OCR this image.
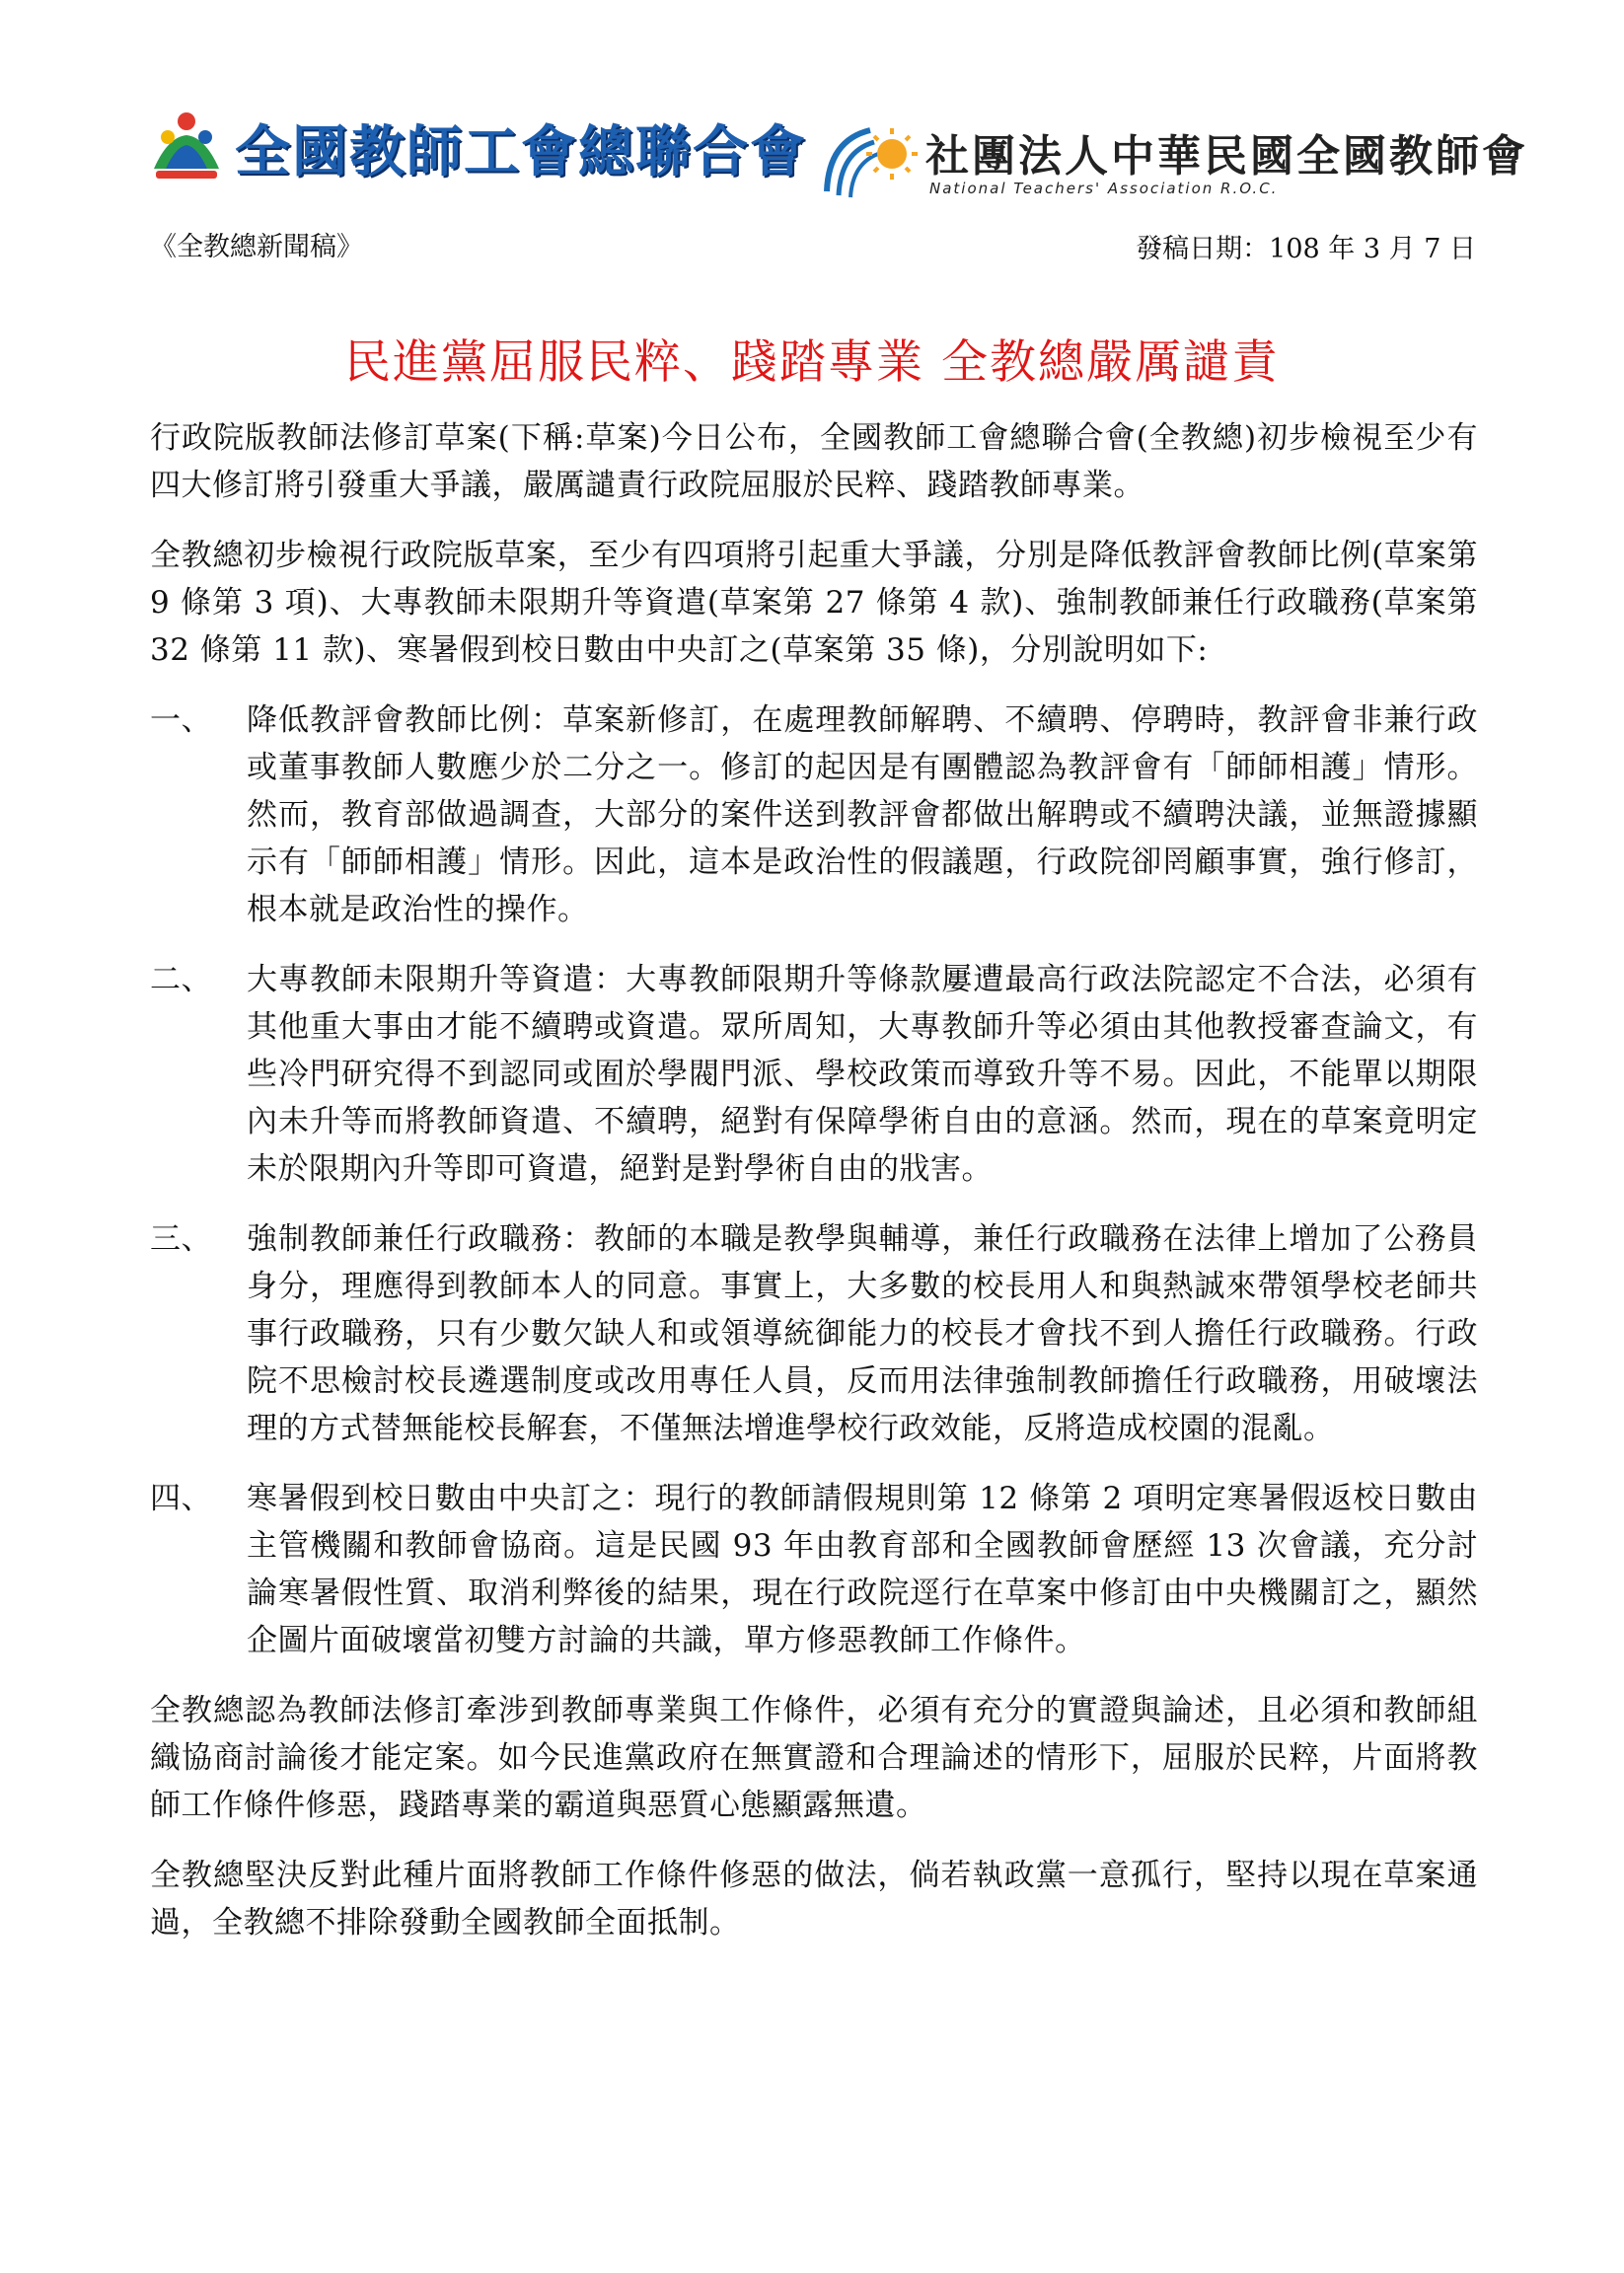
全國教師工會總聯合會	社團法人中華民國全國教師會
National Teachers' Association R.O.C.
《全教總新聞稿》	發稿日期：108 年 3 月 7 日
民進黨屈服民粹、踐踏專業 全教總嚴厲譴責

行政院版教師法修訂草案(下稱:草案)今日公布，全國教師工會總聯合會(全教總)初步檢視至少有四大修訂將引發重大爭議，嚴厲譴責行政院屈服於民粹、踐踏教師專業。

全教總初步檢視行政院版草案，至少有四項將引起重大爭議，分別是降低教評會教師比例(草案第 9 條第 3 項)、大專教師未限期升等資遣(草案第 27 條第 4 款)、強制教師兼任行政職務(草案第 32 條第 11 款)、寒暑假到校日數由中央訂之(草案第 35 條)，分別說明如下:

一、	降低教評會教師比例：草案新修訂，在處理教師解聘、不續聘、停聘時，教評會非兼行政或董事教師人數應少於二分之一。修訂的起因是有團體認為教評會有「師師相護」情形。然而，教育部做過調查，大部分的案件送到教評會都做出解聘或不續聘決議，並無證據顯示有「師師相護」情形。因此，這本是政治性的假議題，行政院卻罔顧事實，強行修訂，根本就是政治性的操作。
二、	大專教師未限期升等資遣：大專教師限期升等條款屢遭最高行政法院認定不合法，必須有其他重大事由才能不續聘或資遣。眾所周知，大專教師升等必須由其他教授審查論文，有些冷門研究得不到認同或囿於學閥門派、學校政策而導致升等不易。因此，不能單以期限內未升等而將教師資遣、不續聘，絕對有保障學術自由的意涵。然而，現在的草案竟明定未於限期內升等即可資遣，絕對是對學術自由的戕害。
三、	強制教師兼任行政職務：教師的本職是教學與輔導，兼任行政職務在法律上增加了公務員身分，理應得到教師本人的同意。事實上，大多數的校長用人和與熱誠來帶領學校老師共事行政職務，只有少數欠缺人和或領導統御能力的校長才會找不到人擔任行政職務。行政院不思檢討校長遴選制度或改用專任人員，反而用法律強制教師擔任行政職務，用破壞法理的方式替無能校長解套，不僅無法增進學校行政效能，反將造成校園的混亂。
四、	寒暑假到校日數由中央訂之：現行的教師請假規則第 12 條第 2 項明定寒暑假返校日數由主管機關和教師會協商。這是民國 93 年由教育部和全國教師會歷經 13 次會議，充分討論寒暑假性質、取消利弊後的結果，現在行政院逕行在草案中修訂由中央機關訂之，顯然企圖片面破壞當初雙方討論的共識，單方修惡教師工作條件。

全教總認為教師法修訂牽涉到教師專業與工作條件，必須有充分的實證與論述，且必須和教師組織協商討論後才能定案。如今民進黨政府在無實證和合理論述的情形下，屈服於民粹，片面將教師工作條件修惡，踐踏專業的霸道與惡質心態顯露無遺。

全教總堅決反對此種片面將教師工作條件修惡的做法，倘若執政黨一意孤行，堅持以現在草案通過，全教總不排除發動全國教師全面抵制。
